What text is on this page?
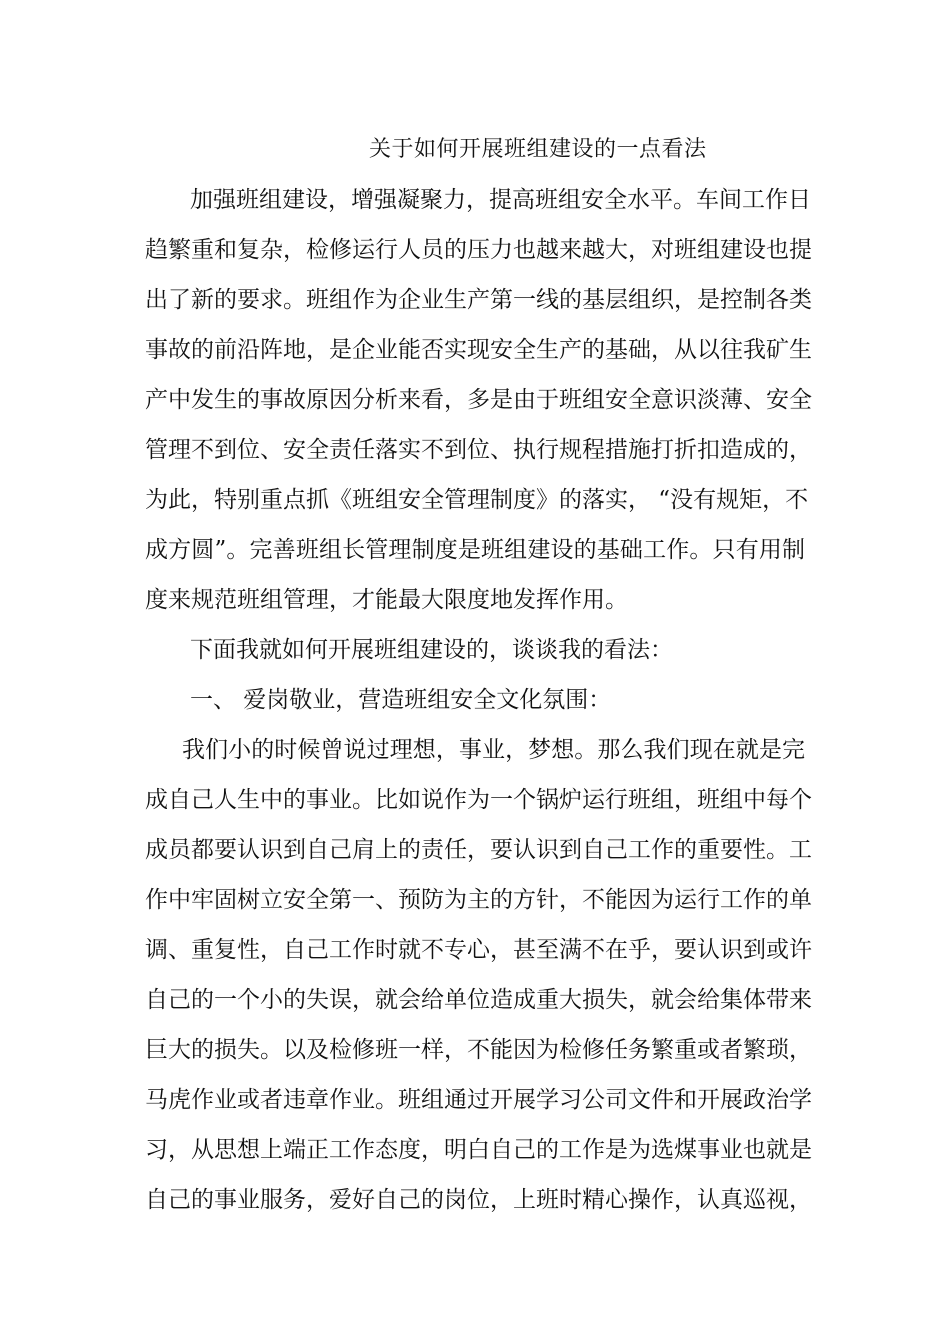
关于如何开展班组建设的一点看法
加强班组建设，增强凝聚力，提高班组安全水平。车间工作日
趋繁重和复杂，检修运行人员的压力也越来越大，对班组建设也提
出了新的要求。班组作为企业生产第一线的基层组织，是控制各类
事故的前沿阵地，是企业能否实现安全生产的基础，从以往我矿生
产中发生的事故原因分析来看，多是由于班组安全意识淡薄、安全
管理不到位、安全责任落实不到位、执行规程措施打折扣造成的，
为此，特别重点抓《班组安全管理制度》的落实， “没有规矩，不
成方圆”。完善班组长管理制度是班组建设的基础工作。只有用制
度来规范班组管理，才能最大限度地发挥作用。
下面我就如何开展班组建设的，谈谈我的看法：
一、 爱岗敬业，营造班组安全文化氛围：
我们小的时候曾说过理想，事业，梦想。那么我们现在就是完
成自己人生中的事业。比如说作为一个锅炉运行班组，班组中每个
成员都要认识到自己肩上的责任，要认识到自己工作的重要性。工
作中牢固树立安全第一、预防为主的方针，不能因为运行工作的单
调、重复性，自己工作时就不专心，甚至满不在乎，要认识到或许
自己的一个小的失误，就会给单位造成重大损失，就会给集体带来
巨大的损失。以及检修班一样，不能因为检修任务繁重或者繁琐，
马虎作业或者违章作业。班组通过开展学习公司文件和开展政治学
习，从思想上端正工作态度，明白自己的工作是为选煤事业也就是
自己的事业服务，爱好自己的岗位，上班时精心操作，认真巡视，
